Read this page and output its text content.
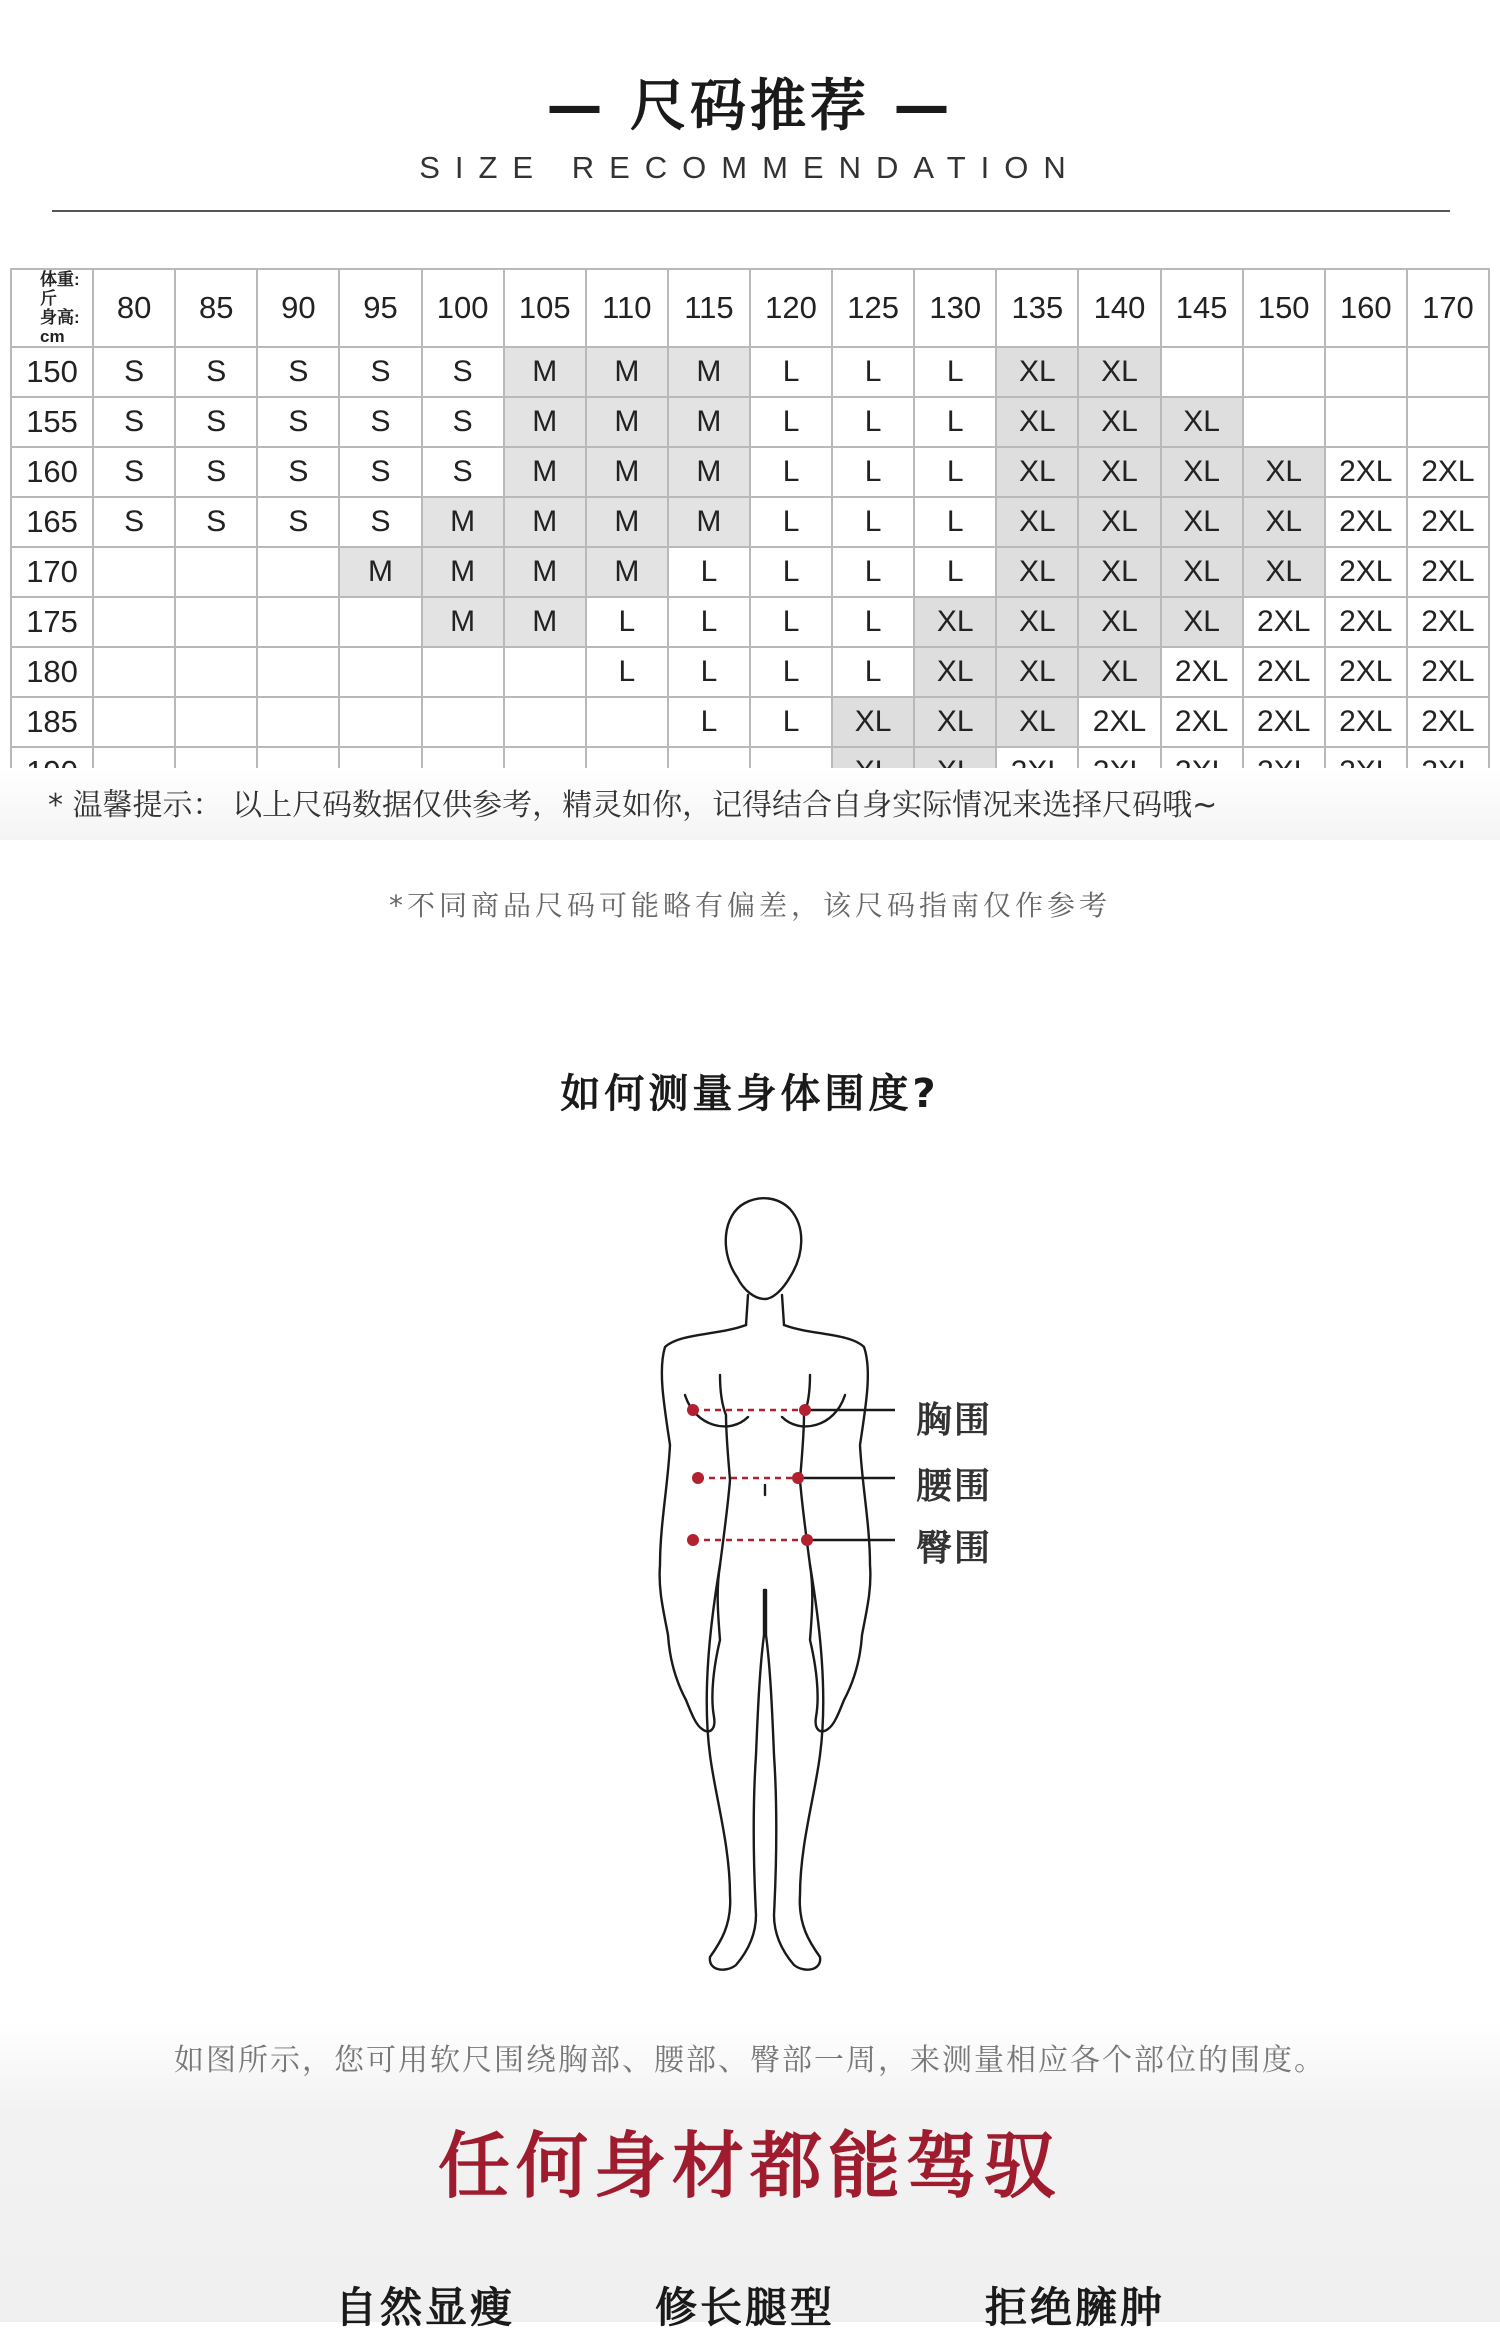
— 尺码推荐 —
SIZE RECOMMENDATION
体重: 斤
身高: cm	80	85	90	95	100	105	110	115	120	125	130	135	140	145	150	160	170
150	S	S	S	S	S	M	M	M	L	L	L	XL	XL				
155	S	S	S	S	S	M	M	M	L	L	L	XL	XL	XL			
160	S	S	S	S	S	M	M	M	L	L	L	XL	XL	XL	XL	2XL	2XL
165	S	S	S	S	M	M	M	M	L	L	L	XL	XL	XL	XL	2XL	2XL
170				M	M	M	M	L	L	L	L	XL	XL	XL	XL	2XL	2XL
175					M	M	L	L	L	L	XL	XL	XL	XL	2XL	2XL	2XL
180							L	L	L	L	XL	XL	XL	2XL	2XL	2XL	2XL
185								L	L	XL	XL	XL	2XL	2XL	2XL	2XL	2XL

* 温馨提示： 以上尺码数据仅供参考，精灵如你，记得结合自身实际情况来选择尺码哦~
*不同商品尺码可能略有偏差，该尺码指南仅作参考
如何测量身体围度?
胸围
腰围
臀围
如图所示，您可用软尺围绕胸部、腰部、臀部一周，来测量相应各个部位的围度。
任何身材都能驾驭
自然显瘦	修长腿型	拒绝臃肿
